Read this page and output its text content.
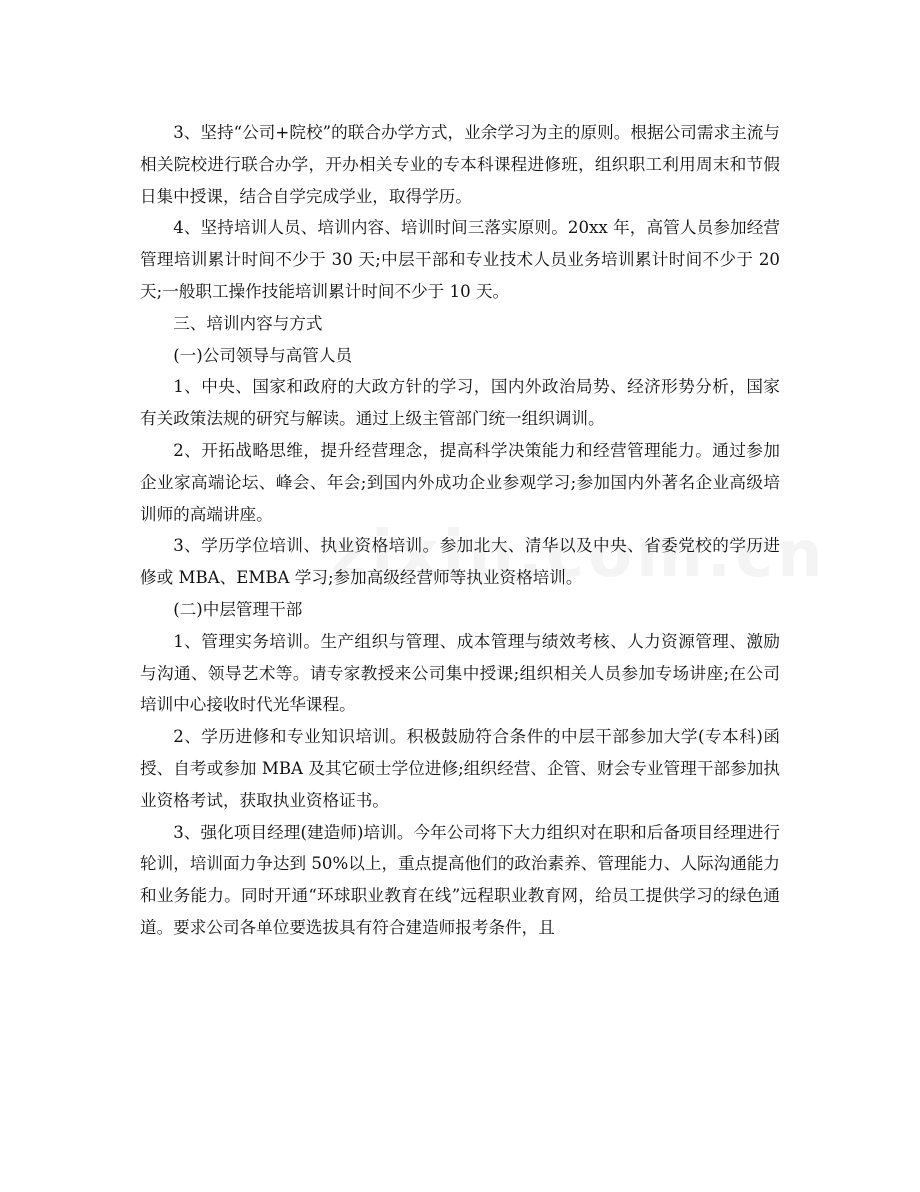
3、坚持“公司+院校”的联合办学方式，业余学习为主的原则。根据公司需求主流与相关院校进行联合办学，开办相关专业的专本科课程进修班，组织职工利用周末和节假日集中授课，结合自学完成学业，取得学历。

4、坚持培训人员、培训内容、培训时间三落实原则。20xx 年，高管人员参加经营管理培训累计时间不少于 30 天;中层干部和专业技术人员业务培训累计时间不少于 20 天;一般职工操作技能培训累计时间不少于 10 天。

三、培训内容与方式

(一)公司领导与高管人员

1、中央、国家和政府的大政方针的学习，国内外政治局势、经济形势分析，国家有关政策法规的研究与解读。通过上级主管部门统一组织调训。

2、开拓战略思维，提升经营理念，提高科学决策能力和经营管理能力。通过参加企业家高端论坛、峰会、年会;到国内外成功企业参观学习;参加国内外著名企业高级培训师的高端讲座。

3、学历学位培训、执业资格培训。参加北大、清华以及中央、省委党校的学历进修或 MBA、EMBA 学习;参加高级经营师等执业资格培训。

(二)中层管理干部

1、管理实务培训。生产组织与管理、成本管理与绩效考核、人力资源管理、激励与沟通、领导艺术等。请专家教授来公司集中授课;组织相关人员参加专场讲座;在公司培训中心接收时代光华课程。

2、学历进修和专业知识培训。积极鼓励符合条件的中层干部参加大学(专本科)函授、自考或参加 MBA 及其它硕士学位进修;组织经营、企管、财会专业管理干部参加执业资格考试，获取执业资格证书。

3、强化项目经理(建造师)培训。今年公司将下大力组织对在职和后备项目经理进行轮训，培训面力争达到 50%以上，重点提高他们的政治素养、管理能力、人际沟通能力和业务能力。同时开通“环球职业教育在线”远程职业教育网，给员工提供学习的绿色通道。要求公司各单位要选拔具有符合建造师报考条件，且
